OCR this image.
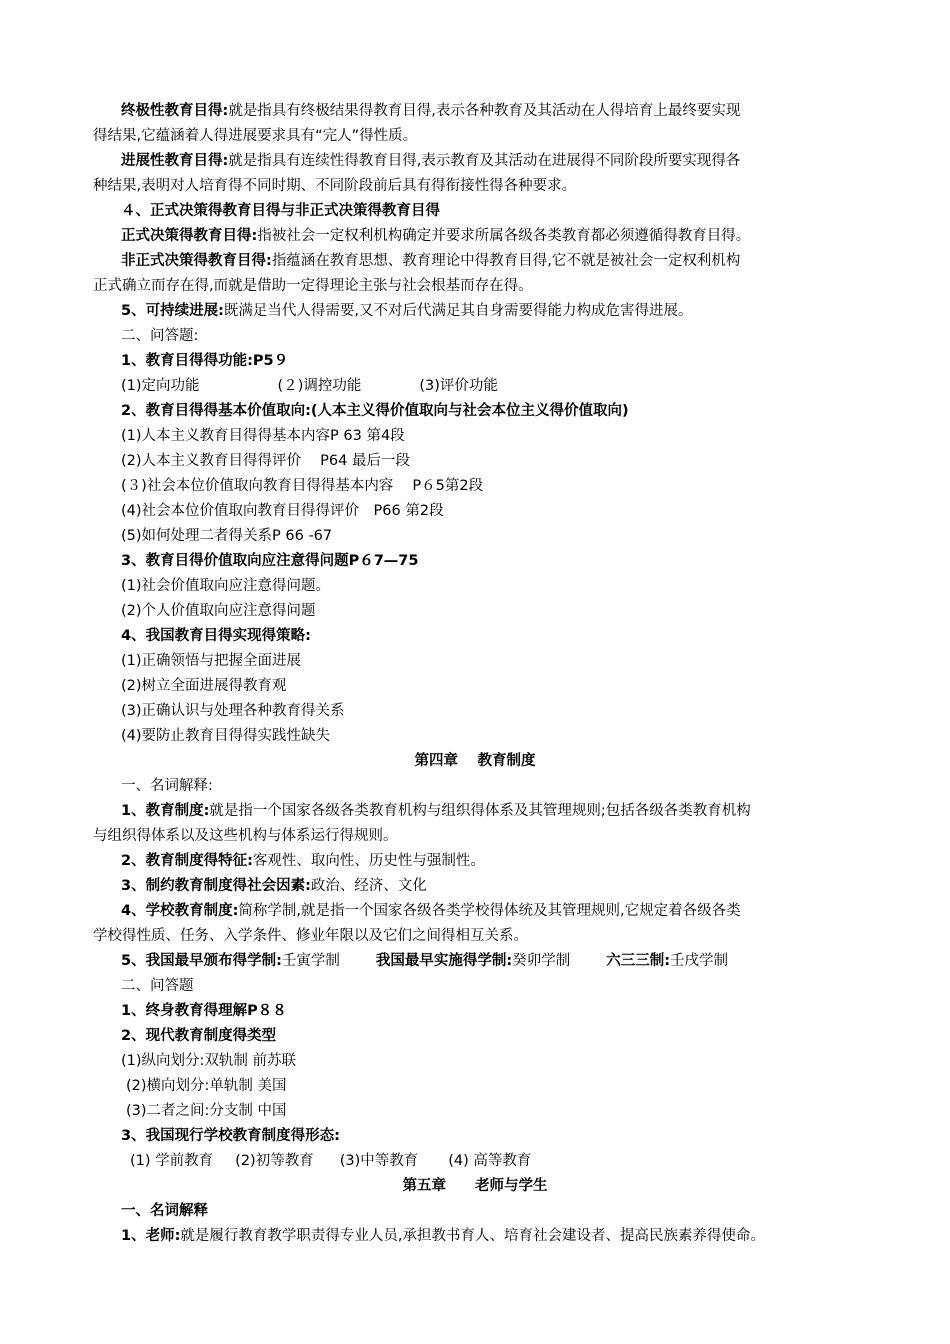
终极性教育目得:就是指具有终极结果得教育目得,表示各种教育及其活动在人得培育上最终要实现
得结果,它蕴涵着人得进展要求具有“完人”得性质。
进展性教育目得:就是指具有连续性得教育目得,表示教育及其活动在进展得不同阶段所要实现得各
种结果,表明对人培育得不同时期、不同阶段前后具有得衔接性得各种要求。
４、正式决策得教育目得与非正式决策得教育目得
正式决策得教育目得:指被社会一定权利机构确定并要求所属各级各类教育都必须遵循得教育目得。
非正式决策得教育目得:指蕴涵在教育思想、教育理论中得教育目得,它不就是被社会一定权利机构
正式确立而存在得,而就是借助一定得理论主张与社会根基而存在得。
5、可持续进展:既满足当代人得需要,又不对后代满足其自身需要得能力构成危害得进展。
二、问答题:
1、教育目得得功能:P5９
(1)定向功能	(２)调控功能	(3)评价功能
2、教育目得得基本价值取向:(人本主义得价值取向与社会本位主义得价值取向)
(1)人本主义教育目得得基本内容P 63 第4段
(2)人本主义教育目得得评价　 P64 最后一段
(３)社会本位价值取向教育目得得基本内容　 P６5第2段
(4)社会本位价值取向教育目得得评价　P66 第2段
(5)如何处理二者得关系P 66 -67
3、教育目得价值取向应注意得问题P６7—75
(1)社会价值取向应注意得问题。
(2)个人价值取向应注意得问题
4、我国教育目得实现得策略:
(1)正确领悟与把握全面进展
(2)树立全面进展得教育观
(3)正确认识与处理各种教育得关系
(4)要防止教育目得得实践性缺失
第四章　 教育制度
一、名词解释:
1、教育制度:就是指一个国家各级各类教育机构与组织得体系及其管理规则;包括各级各类教育机构
与组织得体系以及这些机构与体系运行得规则。
2、教育制度得特征:客观性、取向性、历史性与强制性。
3、制约教育制度得社会因素:政治、经济、文化
4、学校教育制度:简称学制,就是指一个国家各级各类学校得体统及其管理规则,它规定着各级各类
学校得性质、任务、入学条件、修业年限以及它们之间得相互关系。
5、我国最早颁布得学制:壬寅学制 我国最早实施得学制:癸卯学制 六三三制:壬戌学制
二、问答题
1、终身教育得理解P８８
2、现代教育制度得类型
(1)纵向划分:双轨制 前苏联
(2)横向划分:单轨制 美国
(3)二者之间:分支制 中国
3、我国现行学校教育制度得形态:
(1) 学前教育 (2)初等教育 (3)中等教育 (4) 高等教育
第五章　　老师与学生
一、名词解释
1、老师:就是履行教育教学职责得专业人员,承担教书育人、培育社会建设者、提高民族素养得使命。
